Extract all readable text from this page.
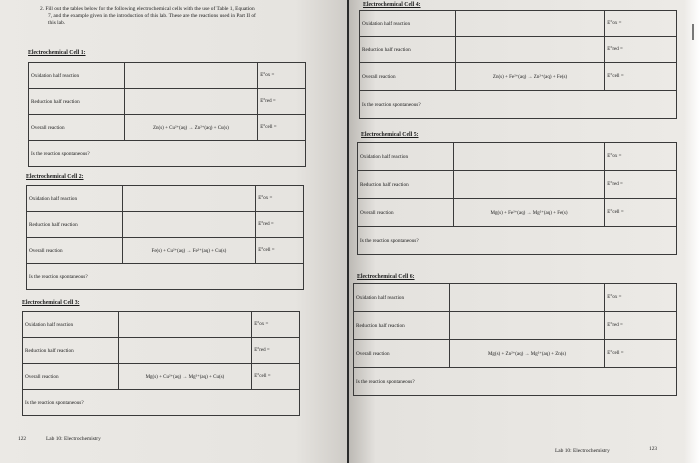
2. Fill out the tables below for the following electrochemical cells with the use of Table 1, Equation
7, and the example given in the introduction of this lab. These are the reactions used in Part II of
this lab.
Electrochemical Cell 1:
Oxidation half reaction		E°ox =
Reduction half reaction		E°red =
Overall reaction	Zn(s) + Cu²⁺(aq) → Zn²⁺(aq) + Cu(s)	E°cell =
Is the reaction spontaneous?		
Electrochemical Cell 2:
Oxidation half reaction		E°ox =
Reduction half reaction		E°red =
Overall reaction	Fe(s) + Cu²⁺(aq) → Fe²⁺(aq) + Cu(s)	E°cell =
Is the reaction spontaneous?		
Electrochemical Cell 3:
Oxidation half reaction		E°ox =
Reduction half reaction		E°red =
Overall reaction	Mg(s) + Cu²⁺(aq) → Mg²⁺(aq) + Cu(s)	E°cell =
Is the reaction spontaneous?		
122	Lab 10: Electrochemistry
Electrochemical Cell 4:
Oxidation half reaction		E°ox =
Reduction half reaction		E°red =
Overall reaction	Zn(s) + Fe²⁺(aq) → Zn²⁺(aq) + Fe(s)	E°cell =
Is the reaction spontaneous?		
Electrochemical Cell 5:
Oxidation half reaction		E°ox =
Reduction half reaction		E°red =
Overall reaction	Mg(s) + Fe²⁺(aq) → Mg²⁺(aq) + Fe(s)	E°cell =
Is the reaction spontaneous?		
Electrochemical Cell 6:
Oxidation half reaction		E°ox =
Reduction half reaction		E°red =
Overall reaction	Mg(s) + Zn²⁺(aq) → Mg²⁺(aq) + Zn(s)	E°cell =
Is the reaction spontaneous?		
Lab 10: Electrochemistry	123
